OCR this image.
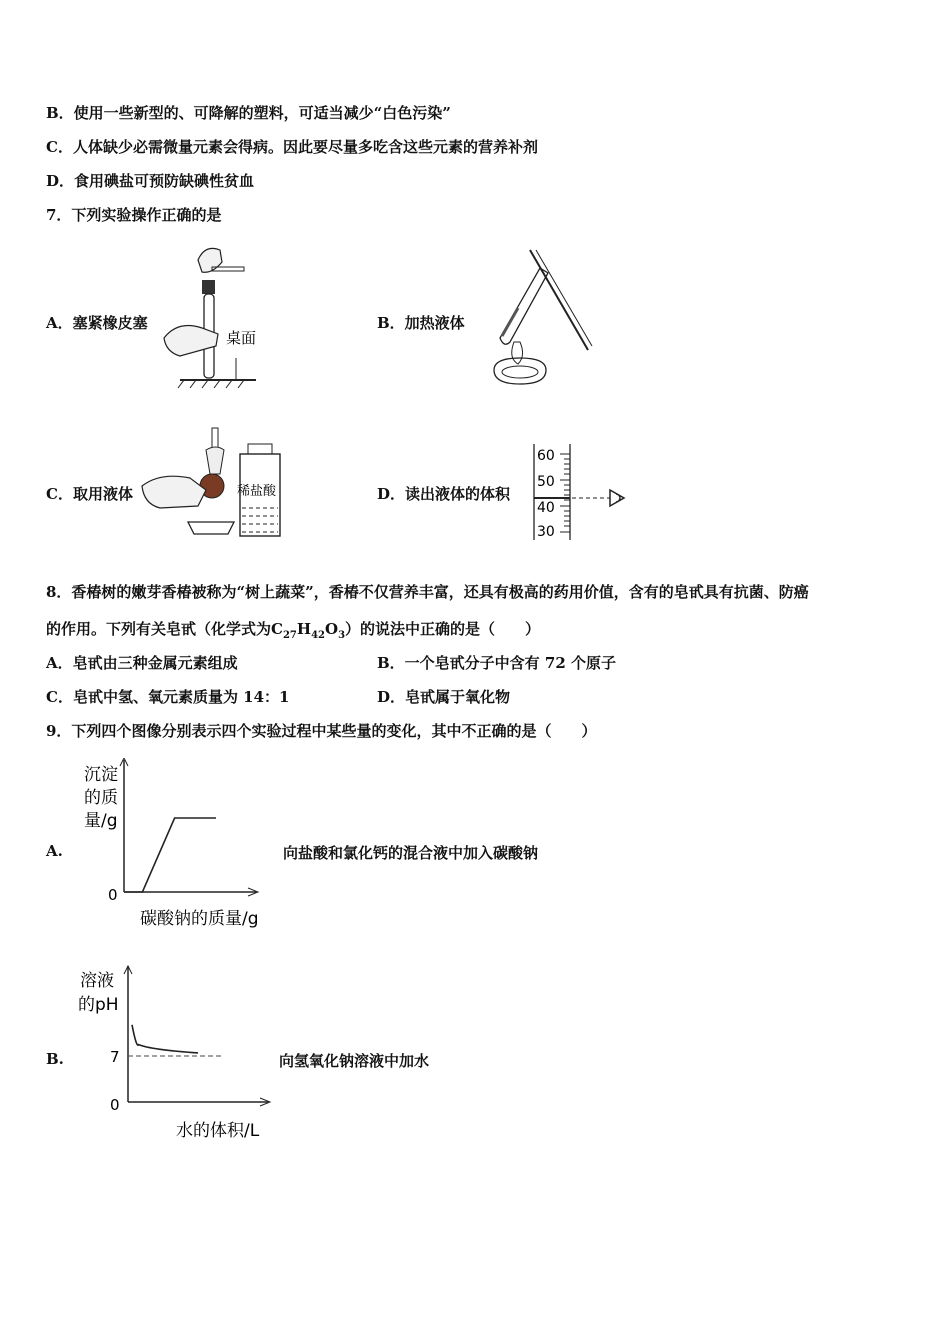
B．使用一些新型的、可降解的塑料，可适当减少“白色污染”
C．人体缺少必需微量元素会得病。因此要尽量多吃含这些元素的营养补剂
D．食用碘盐可预防缺碘性贫血
7．下列实验操作正确的是
A．塞紧橡皮塞
桌面
B．加热液体
C．取用液体	稀盐酸	D．读出液体的体积
60
50
40
30
8．香椿树的嫩芽香椿被称为“树上蔬菜”，香椿不仅营养丰富，还具有极高的药用价值，含有的皂甙具有抗菌、防癌
的作用。下列有关皂甙（化学式为$C_{27}H_{42}O_3$）的说法中正确的是（　　）
A．皂甙由三种金属元素组成	B．一个皂甙分子中含有 72 个原子
C．皂甙中氢、氧元素质量为 14：1	D．皂甙属于氧化物
9．下列四个图像分别表示四个实验过程中某些量的变化，其中不正确的是（　　）
A.
沉淀
的质
量/g
0
碳酸钠的质量/g
向盐酸和氯化钙的混合液中加入碳酸钠
B.
溶液
的pH
7
0
水的体积/L
向氢氧化钠溶液中加水
